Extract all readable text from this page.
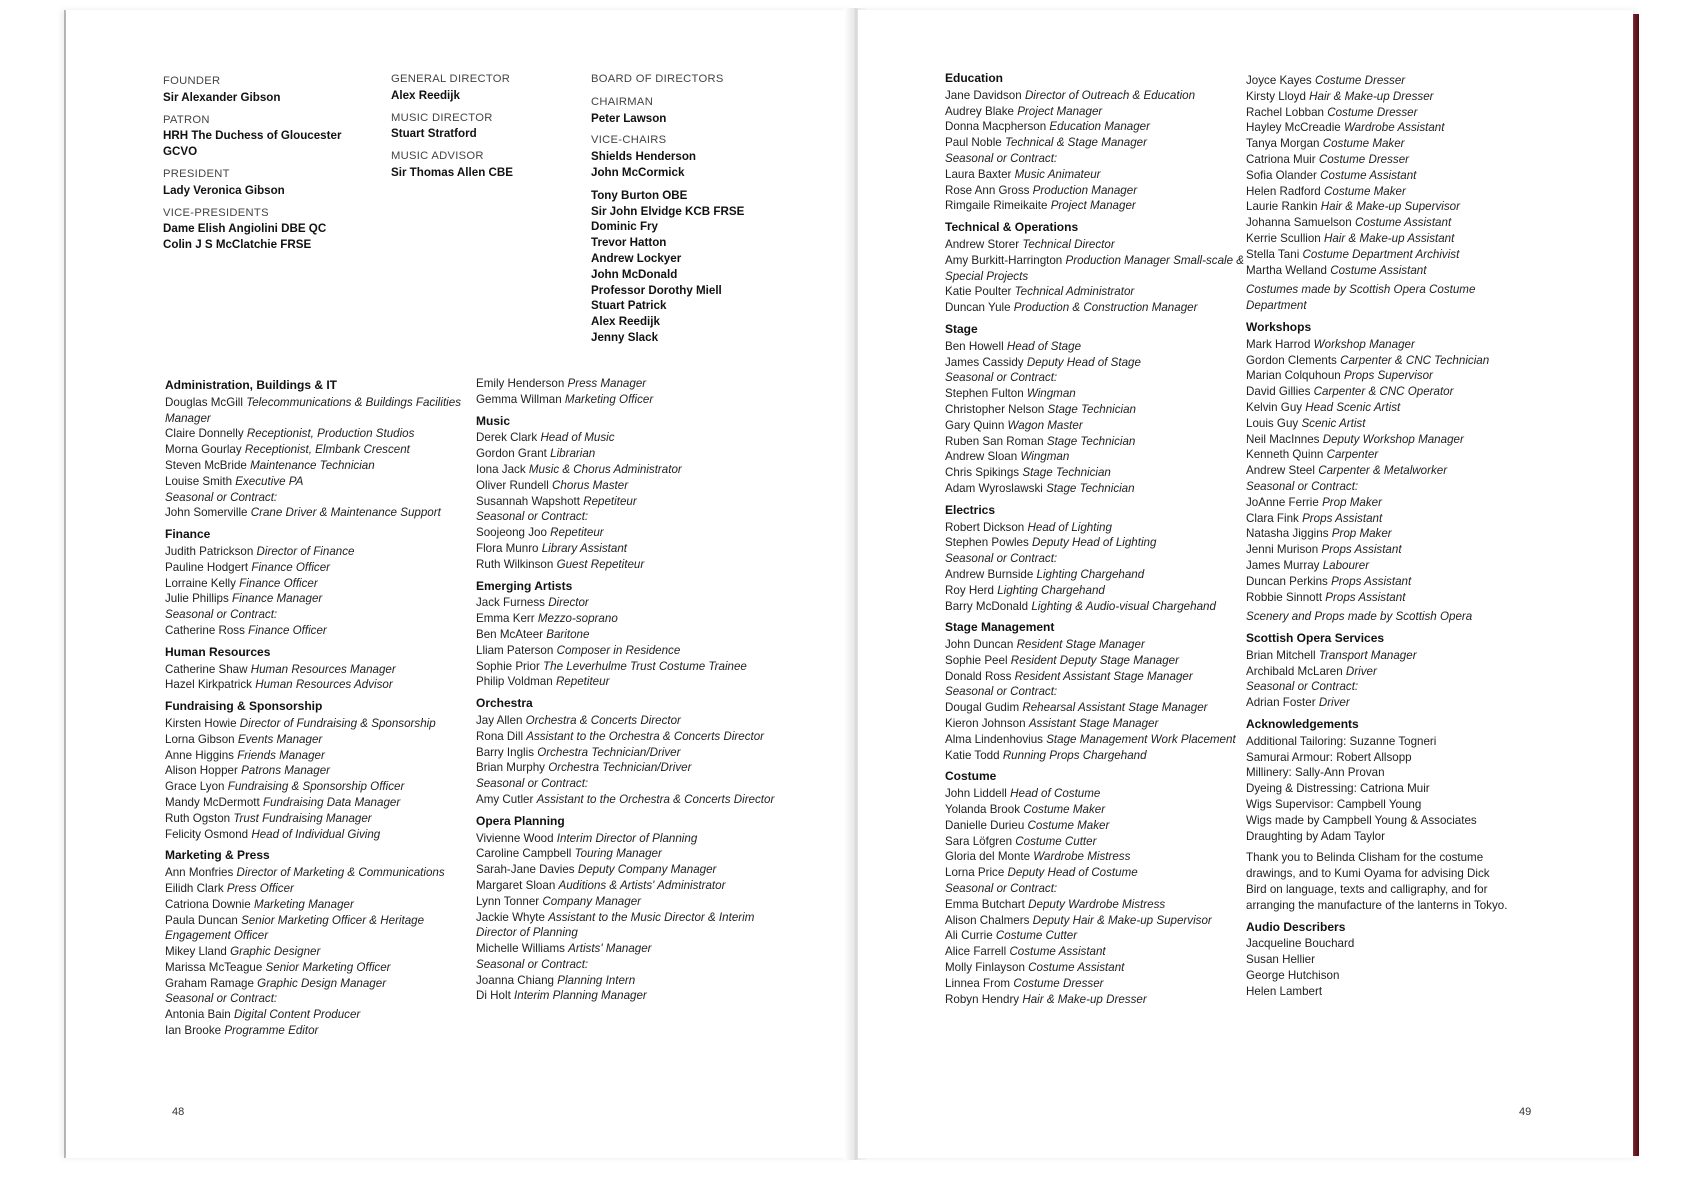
FOUNDER
Sir Alexander Gibson
PATRON
HRH The Duchess of Gloucester
GCVO
PRESIDENT
Lady Veronica Gibson
VICE-PRESIDENTS
Dame Elish Angiolini DBE QC
Colin J S McClatchie FRSE
GENERAL DIRECTOR
Alex Reedijk
MUSIC DIRECTOR
Stuart Stratford
MUSIC ADVISOR
Sir Thomas Allen CBE
BOARD OF DIRECTORS
CHAIRMAN
Peter Lawson
VICE-CHAIRS
Shields Henderson
John McCormick
Tony Burton OBE
Sir John Elvidge KCB FRSE
Dominic Fry
Trevor Hatton
Andrew Lockyer
John McDonald
Professor Dorothy Miell
Stuart Patrick
Alex Reedijk
Jenny Slack
Administration, Buildings & IT
Douglas McGill Telecommunications & Buildings Facilities Manager
Claire Donnelly Receptionist, Production Studios
Morna Gourlay Receptionist, Elmbank Crescent
Steven McBride Maintenance Technician
Louise Smith Executive PA
Seasonal or Contract:
John Somerville Crane Driver & Maintenance Support
Finance
Judith Patrickson Director of Finance
Pauline Hodgert Finance Officer
Lorraine Kelly Finance Officer
Julie Phillips Finance Manager
Seasonal or Contract:
Catherine Ross Finance Officer
Human Resources
Catherine Shaw Human Resources Manager
Hazel Kirkpatrick Human Resources Advisor
Fundraising & Sponsorship
Kirsten Howie Director of Fundraising & Sponsorship
Lorna Gibson Events Manager
Anne Higgins Friends Manager
Alison Hopper Patrons Manager
Grace Lyon Fundraising & Sponsorship Officer
Mandy McDermott Fundraising Data Manager
Ruth Ogston Trust Fundraising Manager
Felicity Osmond Head of Individual Giving
Marketing & Press
Ann Monfries Director of Marketing & Communications
Eilidh Clark Press Officer
Catriona Downie Marketing Manager
Paula Duncan Senior Marketing Officer & Heritage Engagement Officer
Mikey Lland Graphic Designer
Marissa McTeague Senior Marketing Officer
Graham Ramage Graphic Design Manager
Seasonal or Contract:
Antonia Bain Digital Content Producer
Ian Brooke Programme Editor
Emily Henderson Press Manager
Gemma Willman Marketing Officer
Music
Derek Clark Head of Music
Gordon Grant Librarian
Iona Jack Music & Chorus Administrator
Oliver Rundell Chorus Master
Susannah Wapshott Repetiteur
Seasonal or Contract:
Soojeong Joo Repetiteur
Flora Munro Library Assistant
Ruth Wilkinson Guest Repetiteur
Emerging Artists
Jack Furness Director
Emma Kerr Mezzo-soprano
Ben McAteer Baritone
Lliam Paterson Composer in Residence
Sophie Prior The Leverhulme Trust Costume Trainee
Philip Voldman Repetiteur
Orchestra
Jay Allen Orchestra & Concerts Director
Rona Dill Assistant to the Orchestra & Concerts Director
Barry Inglis Orchestra Technician/Driver
Brian Murphy Orchestra Technician/Driver
Seasonal or Contract:
Amy Cutler Assistant to the Orchestra & Concerts Director
Opera Planning
Vivienne Wood Interim Director of Planning
Caroline Campbell Touring Manager
Sarah-Jane Davies Deputy Company Manager
Margaret Sloan Auditions & Artists' Administrator
Lynn Tonner Company Manager
Jackie Whyte Assistant to the Music Director & Interim Director of Planning
Michelle Williams Artists' Manager
Seasonal or Contract:
Joanna Chiang Planning Intern
Di Holt Interim Planning Manager
48
Education
Jane Davidson Director of Outreach & Education
Audrey Blake Project Manager
Donna Macpherson Education Manager
Paul Noble Technical & Stage Manager
Seasonal or Contract:
Laura Baxter Music Animateur
Rose Ann Gross Production Manager
Rimgaile Rimeikaite Project Manager
Technical & Operations
Andrew Storer Technical Director
Amy Burkitt-Harrington Production Manager Small-scale & Special Projects
Katie Poulter Technical Administrator
Duncan Yule Production & Construction Manager
Stage
Ben Howell Head of Stage
James Cassidy Deputy Head of Stage
Seasonal or Contract:
Stephen Fulton Wingman
Christopher Nelson Stage Technician
Gary Quinn Wagon Master
Ruben San Roman Stage Technician
Andrew Sloan Wingman
Chris Spikings Stage Technician
Adam Wyroslawski Stage Technician
Electrics
Robert Dickson Head of Lighting
Stephen Powles Deputy Head of Lighting
Seasonal or Contract:
Andrew Burnside Lighting Chargehand
Roy Herd Lighting Chargehand
Barry McDonald Lighting & Audio-visual Chargehand
Stage Management
John Duncan Resident Stage Manager
Sophie Peel Resident Deputy Stage Manager
Donald Ross Resident Assistant Stage Manager
Seasonal or Contract:
Dougal Gudim Rehearsal Assistant Stage Manager
Kieron Johnson Assistant Stage Manager
Alma Lindenhovius Stage Management Work Placement
Katie Todd Running Props Chargehand
Costume
John Liddell Head of Costume
Yolanda Brook Costume Maker
Danielle Durieu Costume Maker
Sara Löfgren Costume Cutter
Gloria del Monte Wardrobe Mistress
Lorna Price Deputy Head of Costume
Seasonal or Contract:
Emma Butchart Deputy Wardrobe Mistress
Alison Chalmers Deputy Hair & Make-up Supervisor
Ali Currie Costume Cutter
Alice Farrell Costume Assistant
Molly Finlayson Costume Assistant
Linnea From Costume Dresser
Robyn Hendry Hair & Make-up Dresser
Joyce Kayes Costume Dresser
Kirsty Lloyd Hair & Make-up Dresser
Rachel Lobban Costume Dresser
Hayley McCreadie Wardrobe Assistant
Tanya Morgan Costume Maker
Catriona Muir Costume Dresser
Sofia Olander Costume Assistant
Helen Radford Costume Maker
Laurie Rankin Hair & Make-up Supervisor
Johanna Samuelson Costume Assistant
Kerrie Scullion Hair & Make-up Assistant
Stella Tani Costume Department Archivist
Martha Welland Costume Assistant
Costumes made by Scottish Opera Costume Department
Workshops
Mark Harrod Workshop Manager
Gordon Clements Carpenter & CNC Technician
Marian Colquhoun Props Supervisor
David Gillies Carpenter & CNC Operator
Kelvin Guy Head Scenic Artist
Louis Guy Scenic Artist
Neil MacInnes Deputy Workshop Manager
Kenneth Quinn Carpenter
Andrew Steel Carpenter & Metalworker
Seasonal or Contract:
JoAnne Ferrie Prop Maker
Clara Fink Props Assistant
Natasha Jiggins Prop Maker
Jenni Murison Props Assistant
James Murray Labourer
Duncan Perkins Props Assistant
Robbie Sinnott Props Assistant
Scenery and Props made by Scottish Opera
Scottish Opera Services
Brian Mitchell Transport Manager
Archibald McLaren Driver
Seasonal or Contract:
Adrian Foster Driver
Acknowledgements
Additional Tailoring: Suzanne Togneri
Samurai Armour: Robert Allsopp
Millinery: Sally-Ann Provan
Dyeing & Distressing: Catriona Muir
Wigs Supervisor: Campbell Young
Wigs made by Campbell Young & Associates
Draughting by Adam Taylor
Thank you to Belinda Clisham for the costume drawings, and to Kumi Oyama for advising Dick Bird on language, texts and calligraphy, and for arranging the manufacture of the lanterns in Tokyo.
Audio Describers
Jacqueline Bouchard
Susan Hellier
George Hutchison
Helen Lambert
49
